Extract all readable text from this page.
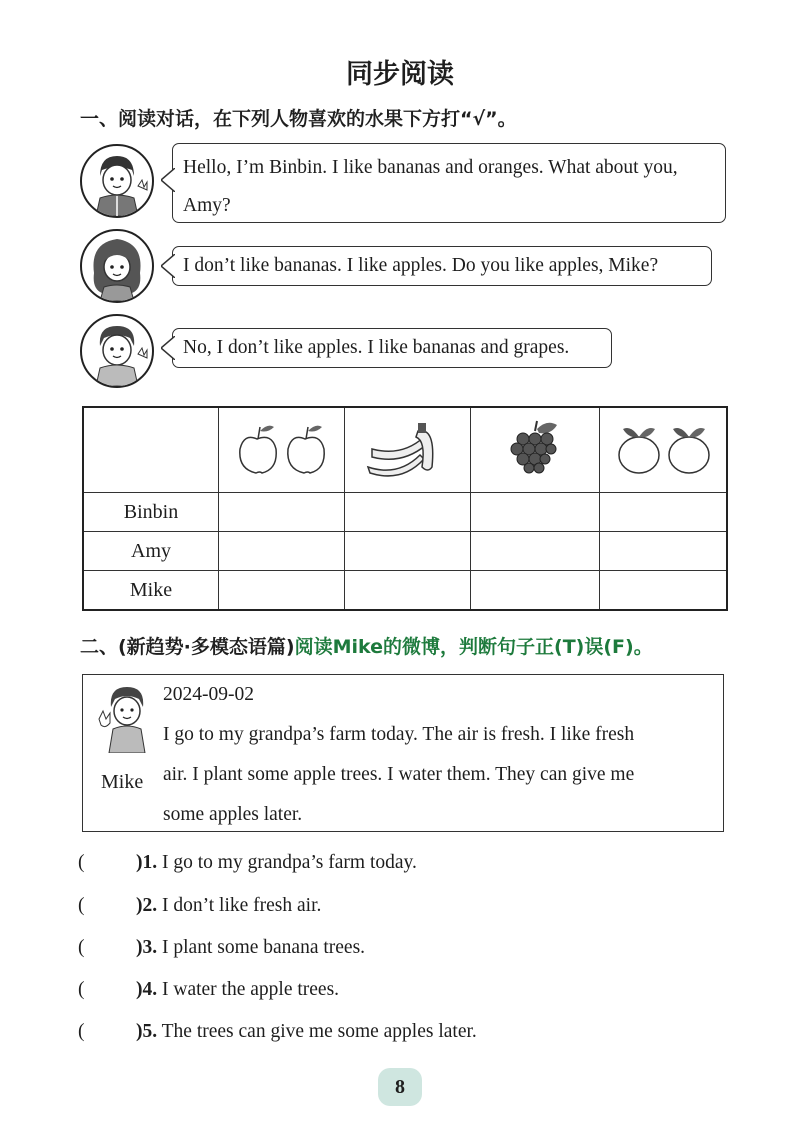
同步阅读
一、阅读对话，在下列人物喜欢的水果下方打“√”。
Hello, I’m Binbin. I like bananas and oranges. What about you, Amy?
I don’t like bananas. I like apples. Do you like apples, Mike?
No, I don’t like apples. I like bananas and grapes.

Binbin				
Amy				
Mike				
二、(新趋势·多模态语篇)阅读Mike的微博，判断句子正(T)误(F)。
Mike
2024-09-02
I go to my grandpa’s farm today. The air is fresh. I like fresh
air. I plant some apple trees. I water them. They can give me
some apples later.
(	)1. I go to my grandpa’s farm today.
(	)2. I don’t like fresh air.
(	)3. I plant some banana trees.
(	)4. I water the apple trees.
(	)5. The trees can give me some apples later.
8
